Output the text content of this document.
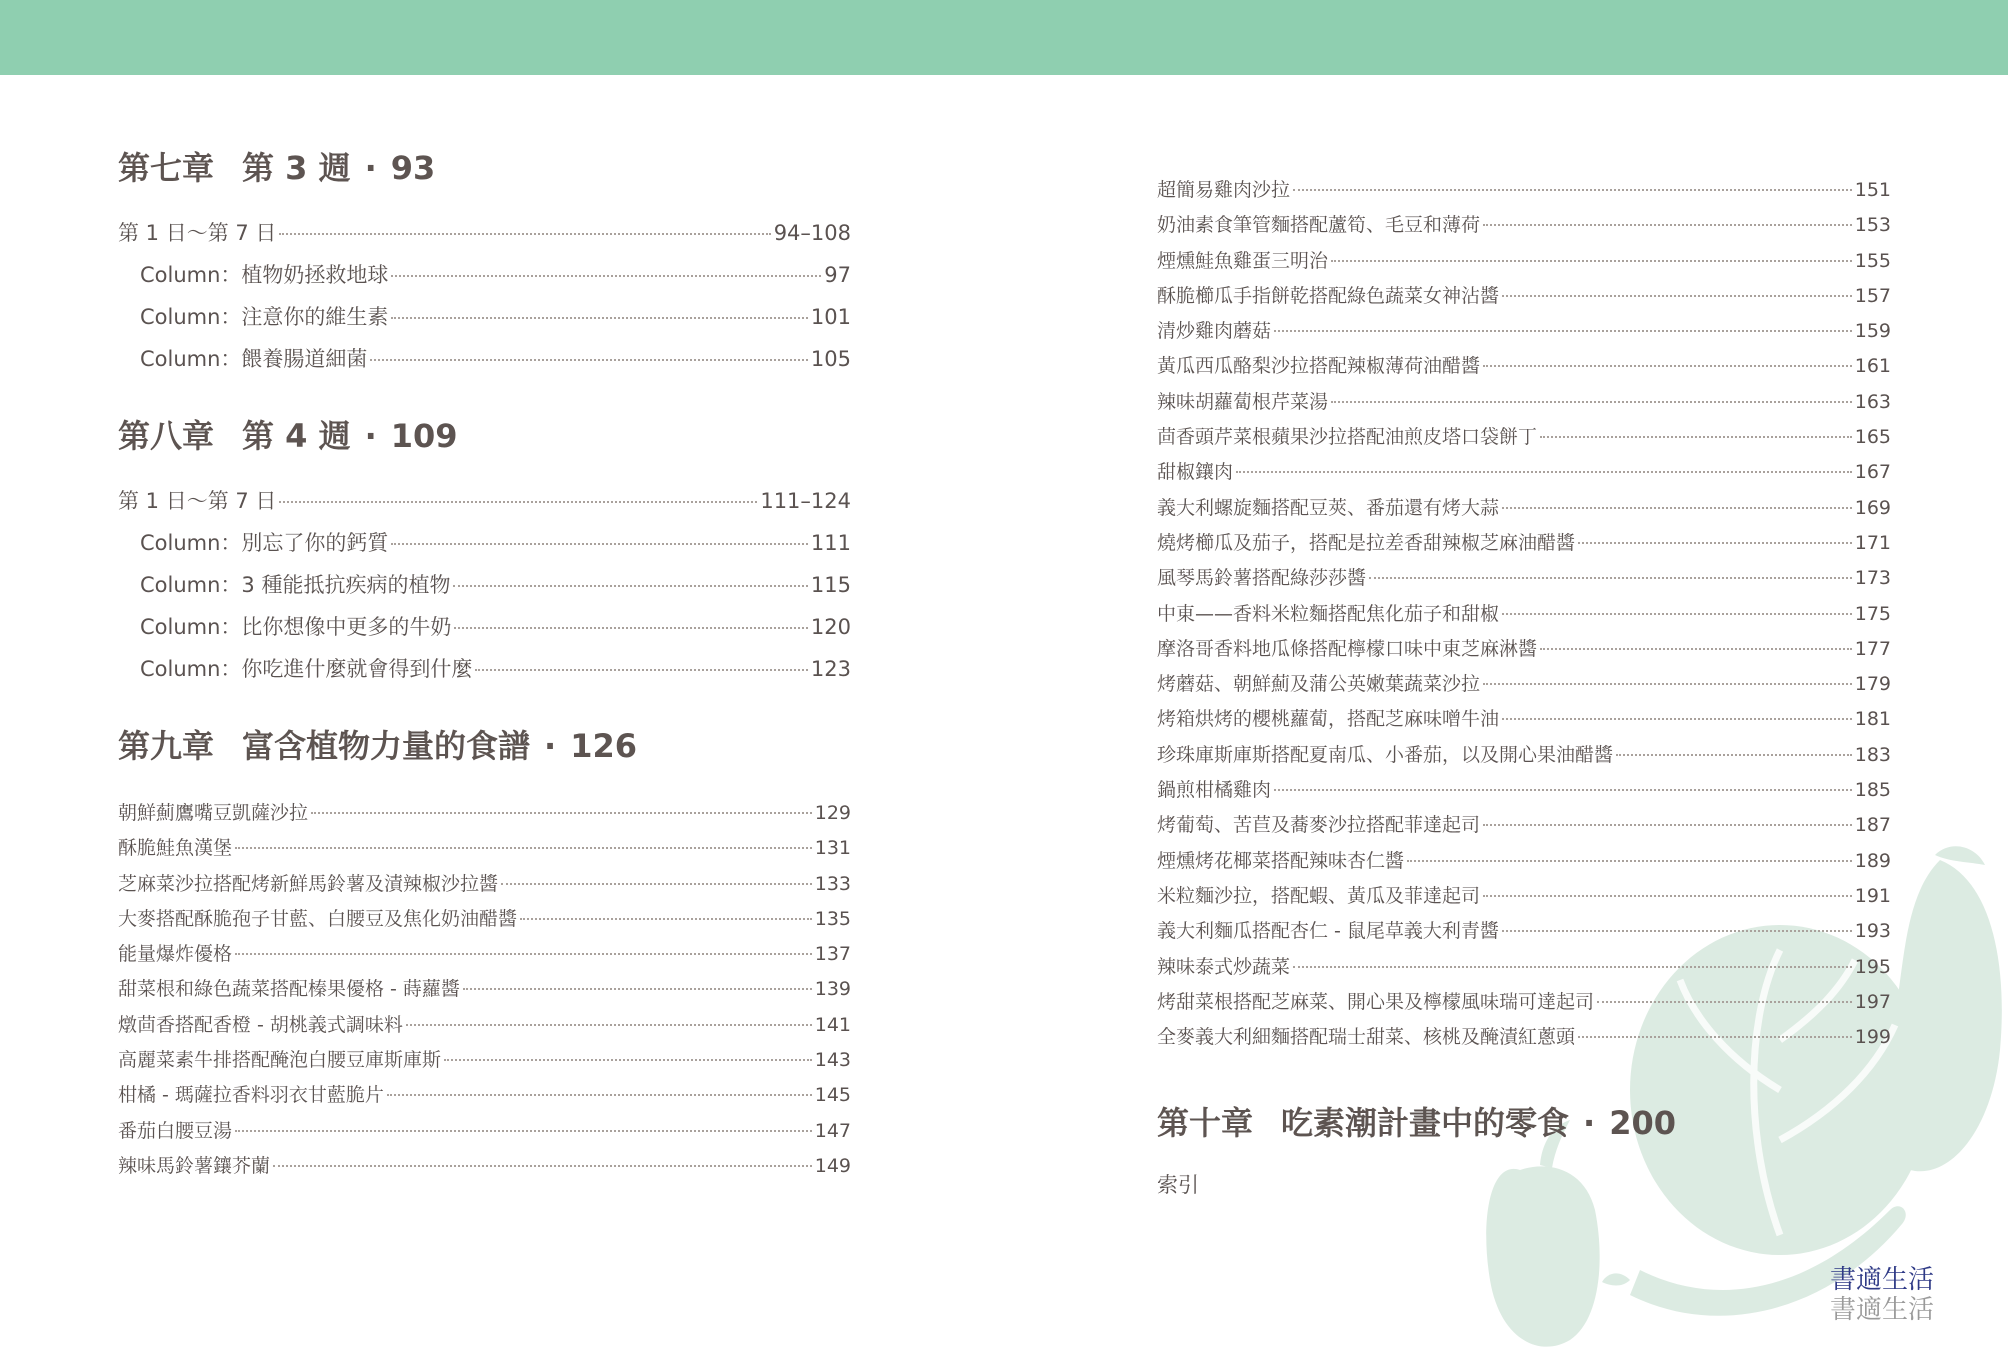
第七章 第 3 週 · 93
第 1 日～第 7 日	94–108
Column：植物奶拯救地球	97
Column：注意你的維生素	101
Column：餵養腸道細菌	105
第八章 第 4 週 · 109
第 1 日～第 7 日	111–124
Column：別忘了你的鈣質	111
Column：3 種能抵抗疾病的植物	115
Column：比你想像中更多的牛奶	120
Column：你吃進什麼就會得到什麼	123
第九章 富含植物力量的食譜 · 126
朝鮮薊鷹嘴豆凱薩沙拉	129
酥脆鮭魚漢堡	131
芝麻菜沙拉搭配烤新鮮馬鈴薯及漬辣椒沙拉醬	133
大麥搭配酥脆孢子甘藍、白腰豆及焦化奶油醋醬	135
能量爆炸優格	137
甜菜根和綠色蔬菜搭配榛果優格 - 蒔蘿醬	139
燉茴香搭配香橙 - 胡桃義式調味料	141
高麗菜素牛排搭配醃泡白腰豆庫斯庫斯	143
柑橘 - 瑪薩拉香料羽衣甘藍脆片	145
番茄白腰豆湯	147
辣味馬鈴薯鑲芥蘭	149
超簡易雞肉沙拉	151
奶油素食筆管麵搭配蘆筍、毛豆和薄荷	153
煙燻鮭魚雞蛋三明治	155
酥脆櫛瓜手指餅乾搭配綠色蔬菜女神沾醬	157
清炒雞肉蘑菇	159
黃瓜西瓜酪梨沙拉搭配辣椒薄荷油醋醬	161
辣味胡蘿蔔根芹菜湯	163
茴香頭芹菜根蘋果沙拉搭配油煎皮塔口袋餅丁	165
甜椒鑲肉	167
義大利螺旋麵搭配豆莢、番茄還有烤大蒜	169
燒烤櫛瓜及茄子，搭配是拉差香甜辣椒芝麻油醋醬	171
風琴馬鈴薯搭配綠莎莎醬	173
中東——香料米粒麵搭配焦化茄子和甜椒	175
摩洛哥香料地瓜條搭配檸檬口味中東芝麻淋醬	177
烤蘑菇、朝鮮薊及蒲公英嫩葉蔬菜沙拉	179
烤箱烘烤的櫻桃蘿蔔，搭配芝麻味噌牛油	181
珍珠庫斯庫斯搭配夏南瓜、小番茄，以及開心果油醋醬	183
鍋煎柑橘雞肉	185
烤葡萄、苦苣及蕎麥沙拉搭配菲達起司	187
煙燻烤花椰菜搭配辣味杏仁醬	189
米粒麵沙拉，搭配蝦、黃瓜及菲達起司	191
義大利麵瓜搭配杏仁 - 鼠尾草義大利青醬	193
辣味泰式炒蔬菜	195
烤甜菜根搭配芝麻菜、開心果及檸檬風味瑞可達起司	197
全麥義大利細麵搭配瑞士甜菜、核桃及醃漬紅蔥頭	199
第十章 吃素潮計畫中的零食 · 200
索引
書適生活
書適生活
